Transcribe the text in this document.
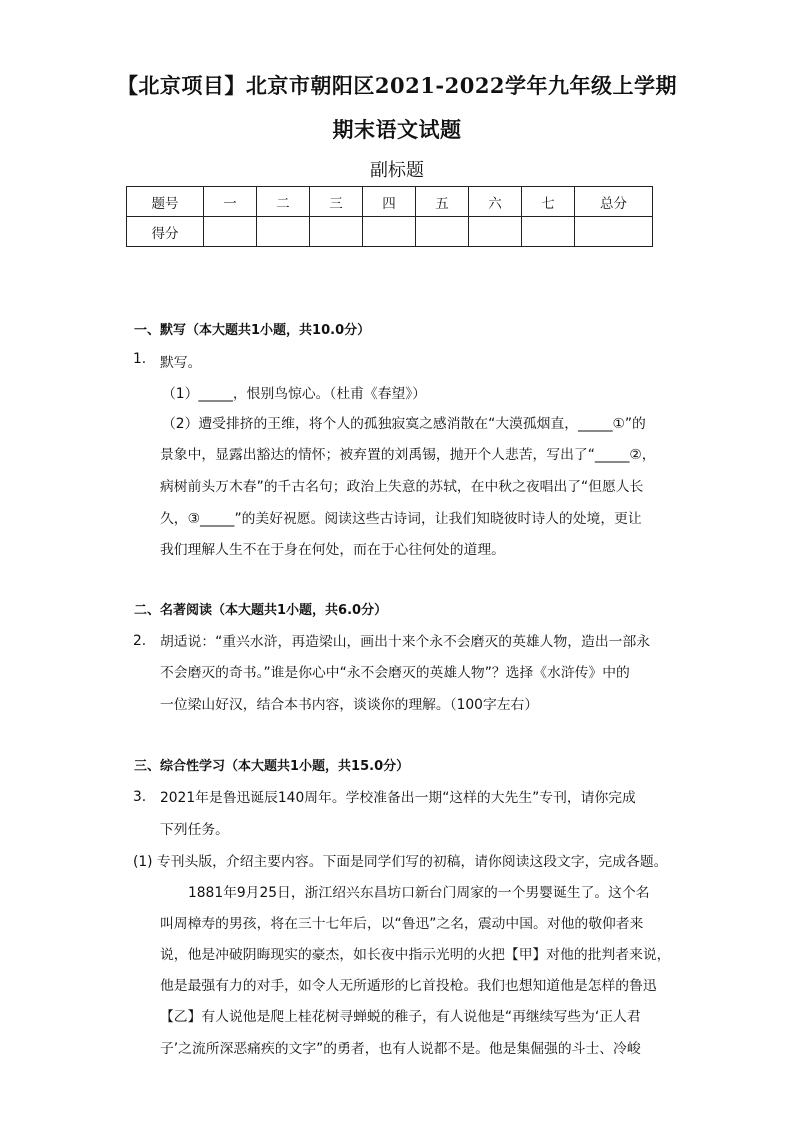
【北京项目】北京市朝阳区2021-2022学年九年级上学期
期末语文试题
副标题
题号	一	二	三	四	五	六	七	总分
得分								
一、默写（本大题共1小题，共10.0分）
1. 默写。
（1）_____，恨别鸟惊心。（杜甫《春望》）
（2）遭受排挤的王维，将个人的孤独寂寞之感消散在“大漠孤烟直，_____①”的
景象中，显露出豁达的情怀；被弃置的刘禹锡，抛开个人悲苦，写出了“_____②，
病树前头万木春”的千古名句；政治上失意的苏轼，在中秋之夜唱出了“但愿人长
久，③_____”的美好祝愿。阅读这些古诗词，让我们知晓彼时诗人的处境，更让
我们理解人生不在于身在何处，而在于心往何处的道理。
二、名著阅读（本大题共1小题，共6.0分）
2. 胡适说：“重兴水浒，再造梁山，画出十来个永不会磨灭的英雄人物，造出一部永
不会磨灭的奇书。”谁是你心中“永不会磨灭的英雄人物”？选择《水浒传》中的
一位梁山好汉，结合本书内容，谈谈你的理解。（100字左右）
三、综合性学习（本大题共1小题，共15.0分）
3. 2021年是鲁迅诞辰140周年。学校准备出一期“这样的大先生”专刊，请你完成
下列任务。
(1) 专刊头版，介绍主要内容。下面是同学们写的初稿，请你阅读这段文字，完成各题。
1881年9月25日，浙江绍兴东昌坊口新台门周家的一个男婴诞生了。这个名
叫周樟寿的男孩，将在三十七年后，以“鲁迅”之名，震动中国。对他的敬仰者来
说，他是冲破阴晦现实的豪杰，如长夜中指示光明的火把【甲】对他的批判者来说，
他是最强有力的对手，如令人无所遁形的匕首投枪。我们也想知道他是怎样的鲁迅
【乙】有人说他是爬上桂花树寻蝉蜕的稚子，有人说他是“再继续写些为‘正人君
子’之流所深恶痛疾的文字”的勇者，也有人说都不是。他是集倔强的斗士、冷峻
